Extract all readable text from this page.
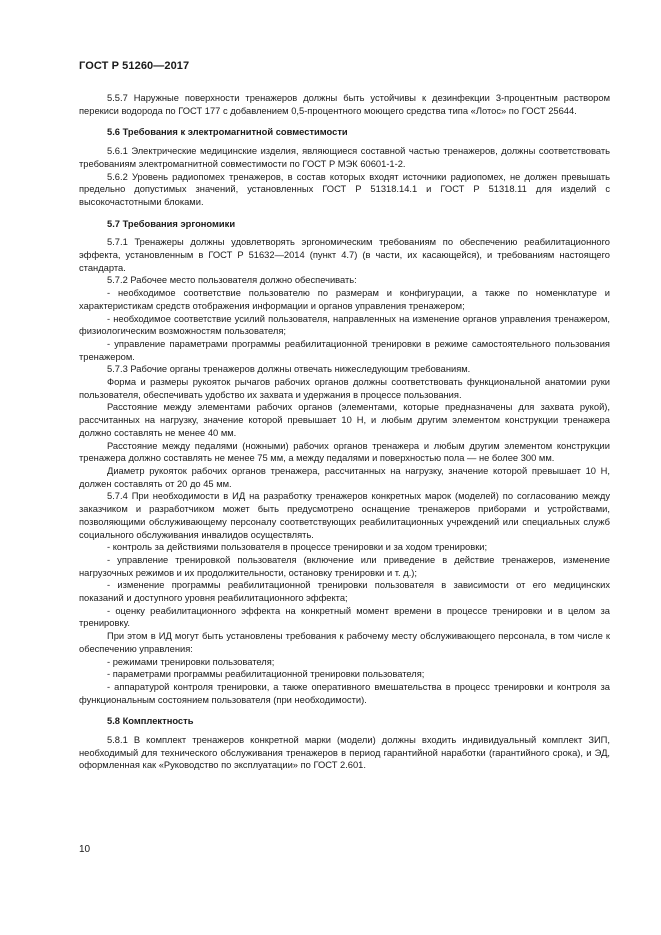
ГОСТ Р 51260—2017

5.5.7 Наружные поверхности тренажеров должны быть устойчивы к дезинфекции 3-процентным раствором перекиси водорода по ГОСТ 177 с добавлением 0,5-процентного моющего средства типа «Лотос» по ГОСТ 25644.

5.6 Требования к электромагнитной совместимости

5.6.1 Электрические медицинские изделия, являющиеся составной частью тренажеров, должны соответствовать требованиям электромагнитной совместимости по ГОСТ Р МЭК 60601-1-2.

5.6.2 Уровень радиопомех тренажеров, в состав которых входят источники радиопомех, не должен превышать предельно допустимых значений, установленных ГОСТ Р 51318.14.1 и ГОСТ Р 51318.11 для изделий с высокочастотными блоками.

5.7 Требования эргономики

5.7.1 Тренажеры должны удовлетворять эргономическим требованиям по обеспечению реабилитационного эффекта, установленным в ГОСТ Р 51632—2014 (пункт 4.7) (в части, их касающейся), и требованиям настоящего стандарта.

5.7.2 Рабочее место пользователя должно обеспечивать:

- необходимое соответствие пользователю по размерам и конфигурации, а также по номенклатуре и характеристикам средств отображения информации и органов управления тренажером;

- необходимое соответствие усилий пользователя, направленных на изменение органов управления тренажером, физиологическим возможностям пользователя;

- управление параметрами программы реабилитационной тренировки в режиме самостоятельного пользования тренажером.

5.7.3 Рабочие органы тренажеров должны отвечать нижеследующим требованиям.

Форма и размеры рукояток рычагов рабочих органов должны соответствовать функциональной анатомии руки пользователя, обеспечивать удобство их захвата и удержания в процессе пользования.

Расстояние между элементами рабочих органов (элементами, которые предназначены для захвата рукой), рассчитанных на нагрузку, значение которой превышает 10 Н, и любым другим элементом конструкции тренажера должно составлять не менее 40 мм.

Расстояние между педалями (ножными) рабочих органов тренажера и любым другим элементом конструкции тренажера должно составлять не менее 75 мм, а между педалями и поверхностью пола — не более 300 мм.

Диаметр рукояток рабочих органов тренажера, рассчитанных на нагрузку, значение которой превышает 10 Н, должен составлять от 20 до 45 мм.

5.7.4 При необходимости в ИД на разработку тренажеров конкретных марок (моделей) по согласованию между заказчиком и разработчиком может быть предусмотрено оснащение тренажеров приборами и устройствами, позволяющими обслуживающему персоналу соответствующих реабилитационных учреждений или специальных служб социального обслуживания инвалидов осуществлять.

- контроль за действиями пользователя в процессе тренировки и за ходом тренировки;

- управление тренировкой пользователя (включение или приведение в действие тренажеров, изменение нагрузочных режимов и их продолжительности, остановку тренировки и т. д.);

- изменение программы реабилитационной тренировки пользователя в зависимости от его медицинских показаний и доступного уровня реабилитационного эффекта;

- оценку реабилитационного эффекта на конкретный момент времени в процессе тренировки и в целом за тренировку.

При этом в ИД могут быть установлены требования к рабочему месту обслуживающего персонала, в том числе к обеспечению управления:

- режимами тренировки пользователя;

- параметрами программы реабилитационной тренировки пользователя;

- аппаратурой контроля тренировки, а также оперативного вмешательства в процесс тренировки и контроля за функциональным состоянием пользователя (при необходимости).

5.8 Комплектность

5.8.1 В комплект тренажеров конкретной марки (модели) должны входить индивидуальный комплект ЗИП, необходимый для технического обслуживания тренажеров в период гарантийной наработки (гарантийного срока), и ЭД, оформленная как «Руководство по эксплуатации» по ГОСТ 2.601.

10
